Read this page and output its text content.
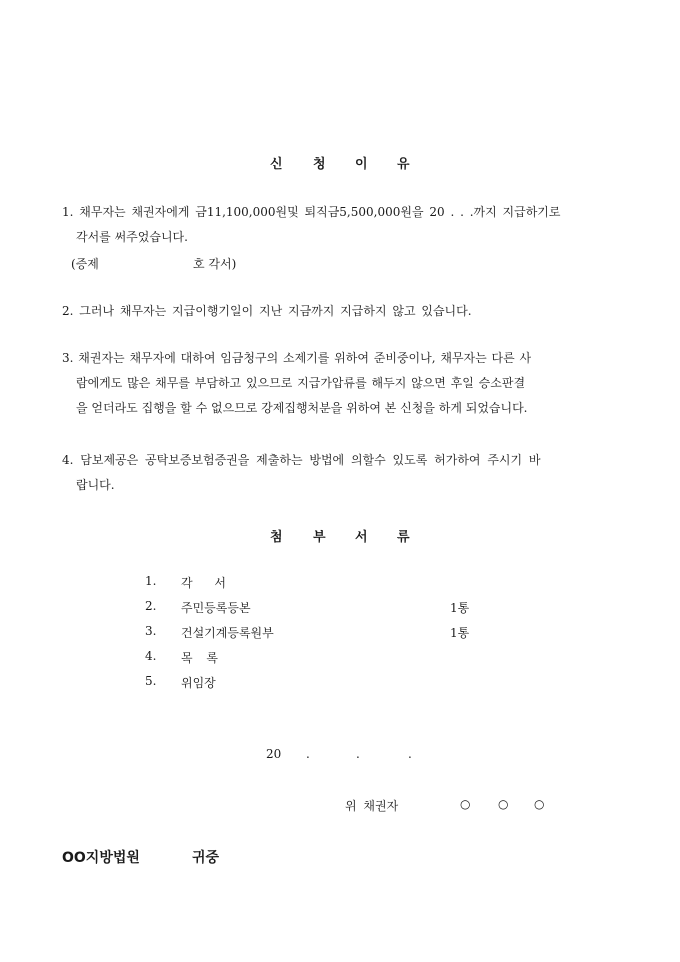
신 청 이 유
1. 채무자는 채권자에게 금11,100,000원및 퇴직금5,500,000원을 20 . . .까지 지급하기로
각서를 써주었습니다.
(증제	호 각서)
2. 그러나 채무자는 지급이행기일이 지난 지금까지 지급하지 않고 있습니다.
3. 채권자는 채무자에 대하여 임금청구의 소제기를 위하여 준비중이나, 채무자는 다른 사
람에게도 많은 채무를 부담하고 있으므로 지급가압류를 해두지 않으면 후일 승소판결
을 얻더라도 집행을 할 수 없으므로 강제집행처분을 위하여 본 신청을 하게 되었습니다.
4. 담보제공은 공탁보증보험증권을 제출하는 방법에 의할수 있도록 허가하여 주시기 바
랍니다.
첨 부 서 류
1. 각 서
2. 주민등록등본	1통
3. 건설기계등록원부	1통
4. 목 록
5. 위임장
20 .	.	.
위 채권자	○ ○ ○
OO지방법원	귀중
